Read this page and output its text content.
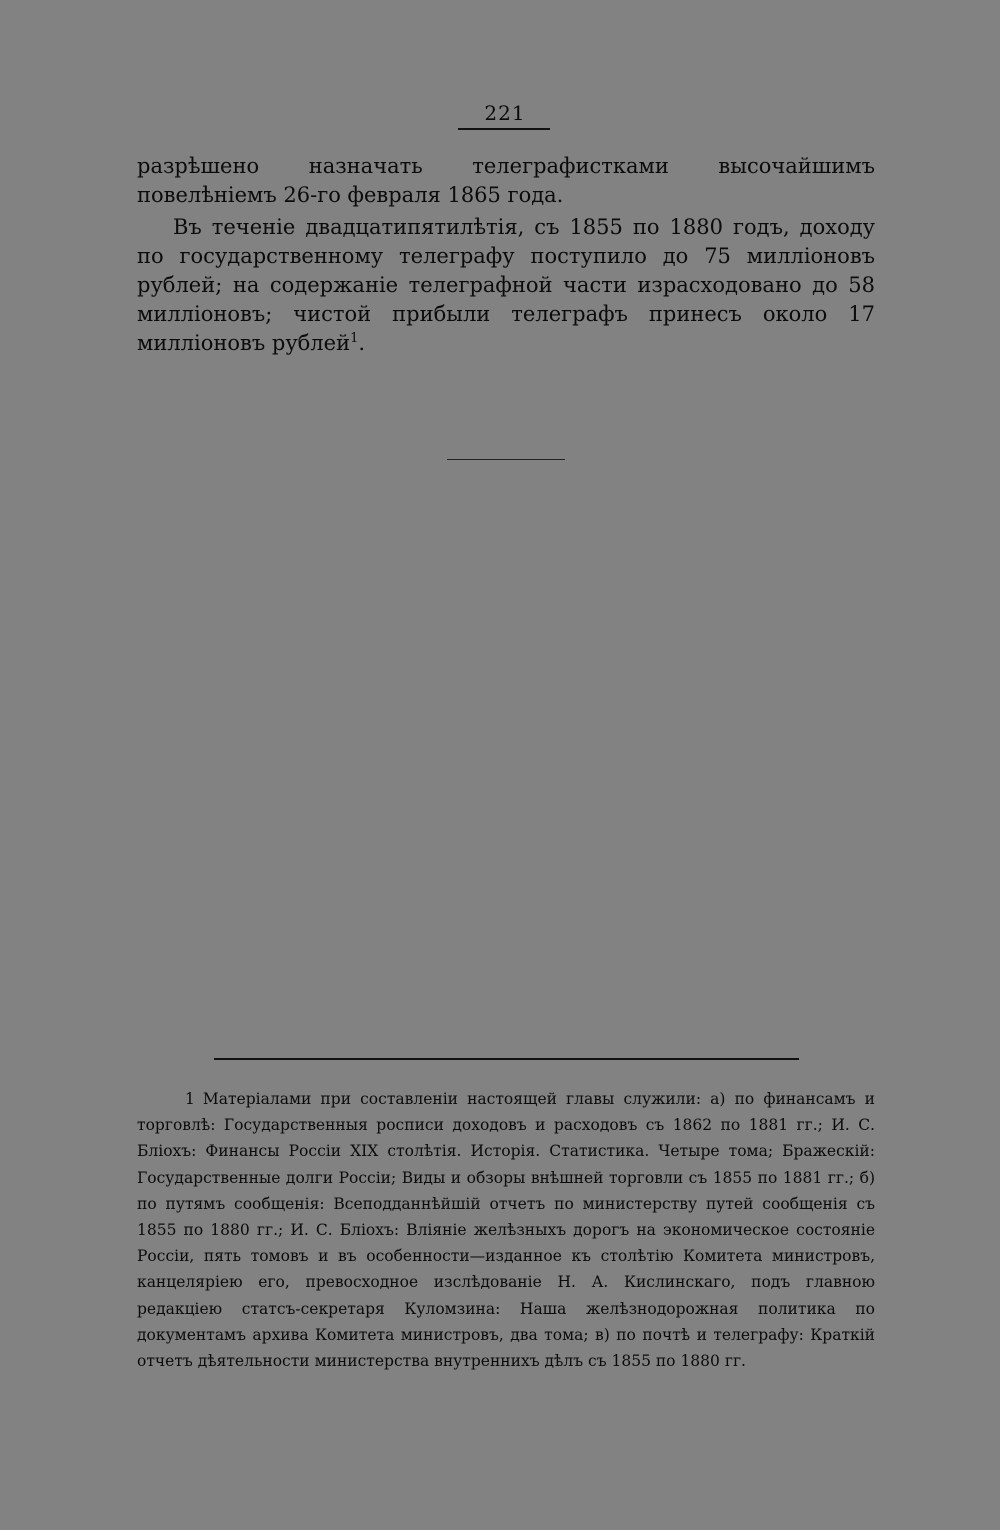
221

разрѣшено назначать телеграфистками высочайшимъ повелѣніемъ 26-го февраля 1865 года.

Въ теченіе двадцатипятилѣтія, съ 1855 по 1880 годъ, доходу по государственному телеграфу поступило до 75 милліоновъ рублей; на содержаніе телеграфной части израсходовано до 58 милліоновъ; чистой прибыли телеграфъ принесъ около 17 милліоновъ рублей$^1$.

1 Матеріалами при составленіи настоящей главы служили: а) по финансамъ и торговлѣ: Государственныя росписи доходовъ и расходовъ съ 1862 по 1881 гг.; И. С. Бліохъ: Финансы Россіи XIX столѣтія. Исторія. Статистика. Четыре тома; Бражескій: Государственные долги Россіи; Виды и обзоры внѣшней торговли съ 1855 по 1881 гг.; б) по путямъ сообщенія: Всеподданнѣйшій отчетъ по министерству путей сообщенія съ 1855 по 1880 гг.; И. С. Бліохъ: Вліяніе желѣзныхъ дорогъ на экономическое состояніе Россіи, пять томовъ и въ особенности—изданное къ столѣтію Комитета министровъ, канцеляріею его, превосходное изслѣдованіе Н. А. Кислинскаго, подъ главною редакціею статсъ-секретаря Куломзина: Наша желѣзнодорожная политика по документамъ архива Комитета министровъ, два тома; в) по почтѣ и телеграфу: Краткій отчетъ дѣятельности министерства внутреннихъ дѣлъ съ 1855 по 1880 гг.
